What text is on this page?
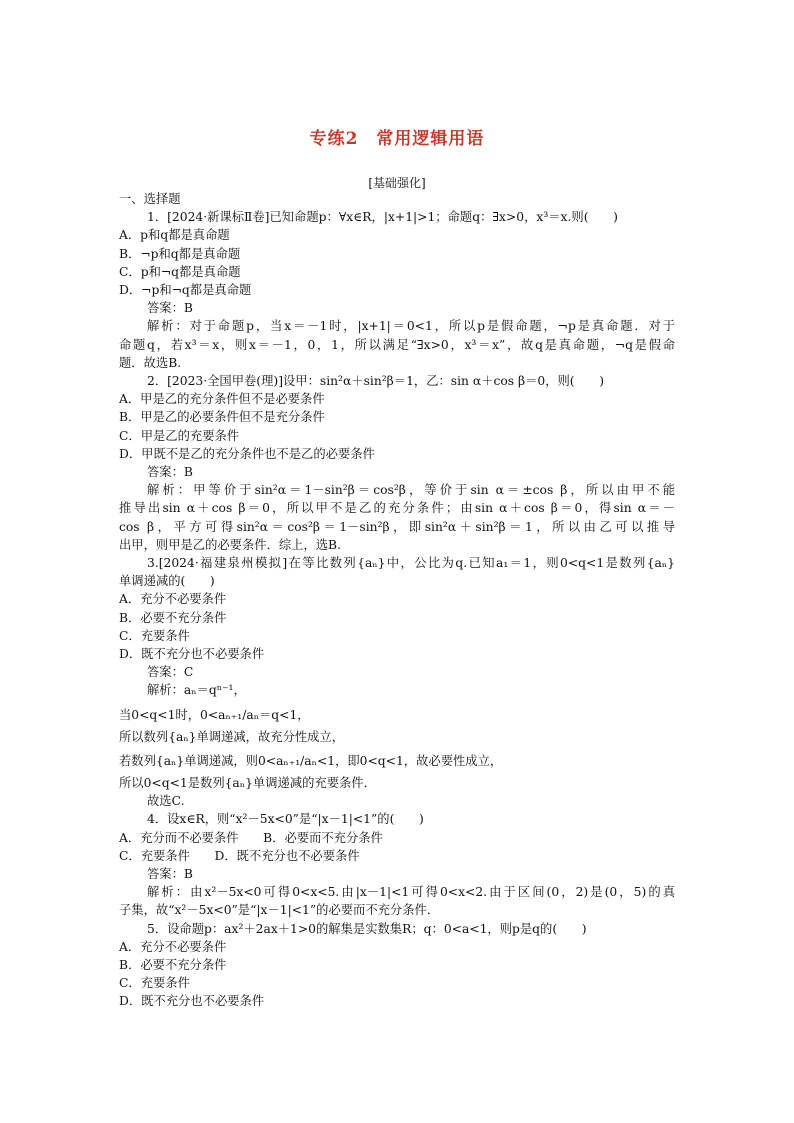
专练2　常用逻辑用语
[基础强化]
一、选择题
1．[2024·新课标Ⅱ卷]已知命题p：∀x∈R，|x+1|>1；命题q：∃x>0，x³＝x.则(　　)
A．p和q都是真命题
B．¬p和q都是真命题
C．p和¬q都是真命题
D．¬p和¬q都是真命题
答案：B
解析：对于命题p，当x＝－1时，|x+1|＝0<1，所以p是假命题，¬p是真命题．对于
命题q，若x³＝x，则x＝－1，0，1，所以满足“∃x>0，x³＝x”，故q是真命题，¬q是假命
题．故选B.
2．[2023·全国甲卷(理)]设甲：sin²α＋sin²β＝1，乙：sin α＋cos β＝0，则(　　)
A．甲是乙的充分条件但不是必要条件
B．甲是乙的必要条件但不是充分条件
C．甲是乙的充要条件
D．甲既不是乙的充分条件也不是乙的必要条件
答案：B
解析：甲等价于sin²α＝1－sin²β＝cos²β，等价于sin α＝±cos β，所以由甲不能
推导出sin α＋cos β＝0，所以甲不是乙的充分条件；由sin α＋cos β＝0，得sin α＝－
cos β，平方可得sin²α＝cos²β＝1－sin²β，即sin²α＋sin²β＝1，所以由乙可以推导
出甲，则甲是乙的必要条件．综上，选B.
3.[2024·福建泉州模拟]在等比数列{aₙ}中，公比为q.已知a₁＝1，则0<q<1是数列{aₙ}
单调递减的(　　)
A．充分不必要条件
B．必要不充分条件
C．充要条件
D．既不充分也不必要条件
答案：C
解析：aₙ＝qⁿ⁻¹，
当0<q<1时，0<aₙ₊₁/aₙ＝q<1，
所以数列{aₙ}单调递减，故充分性成立，
若数列{aₙ}单调递减，则0<aₙ₊₁/aₙ<1，即0<q<1，故必要性成立，
所以0<q<1是数列{aₙ}单调递减的充要条件．
故选C.
4．设x∈R，则“x²－5x<0”是“|x－1|<1”的(　　)
A．充分而不必要条件　　B．必要而不充分条件
C．充要条件　　D．既不充分也不必要条件
答案：B
解析：由x²－5x<0可得0<x<5.由|x－1|<1可得0<x<2.由于区间(0，2)是(0，5)的真
子集，故“x²－5x<0”是“|x－1|<1”的必要而不充分条件．
5．设命题p：ax²＋2ax＋1>0的解集是实数集R；q：0<a<1，则p是q的(　　)
A．充分不必要条件
B．必要不充分条件
C．充要条件
D．既不充分也不必要条件
